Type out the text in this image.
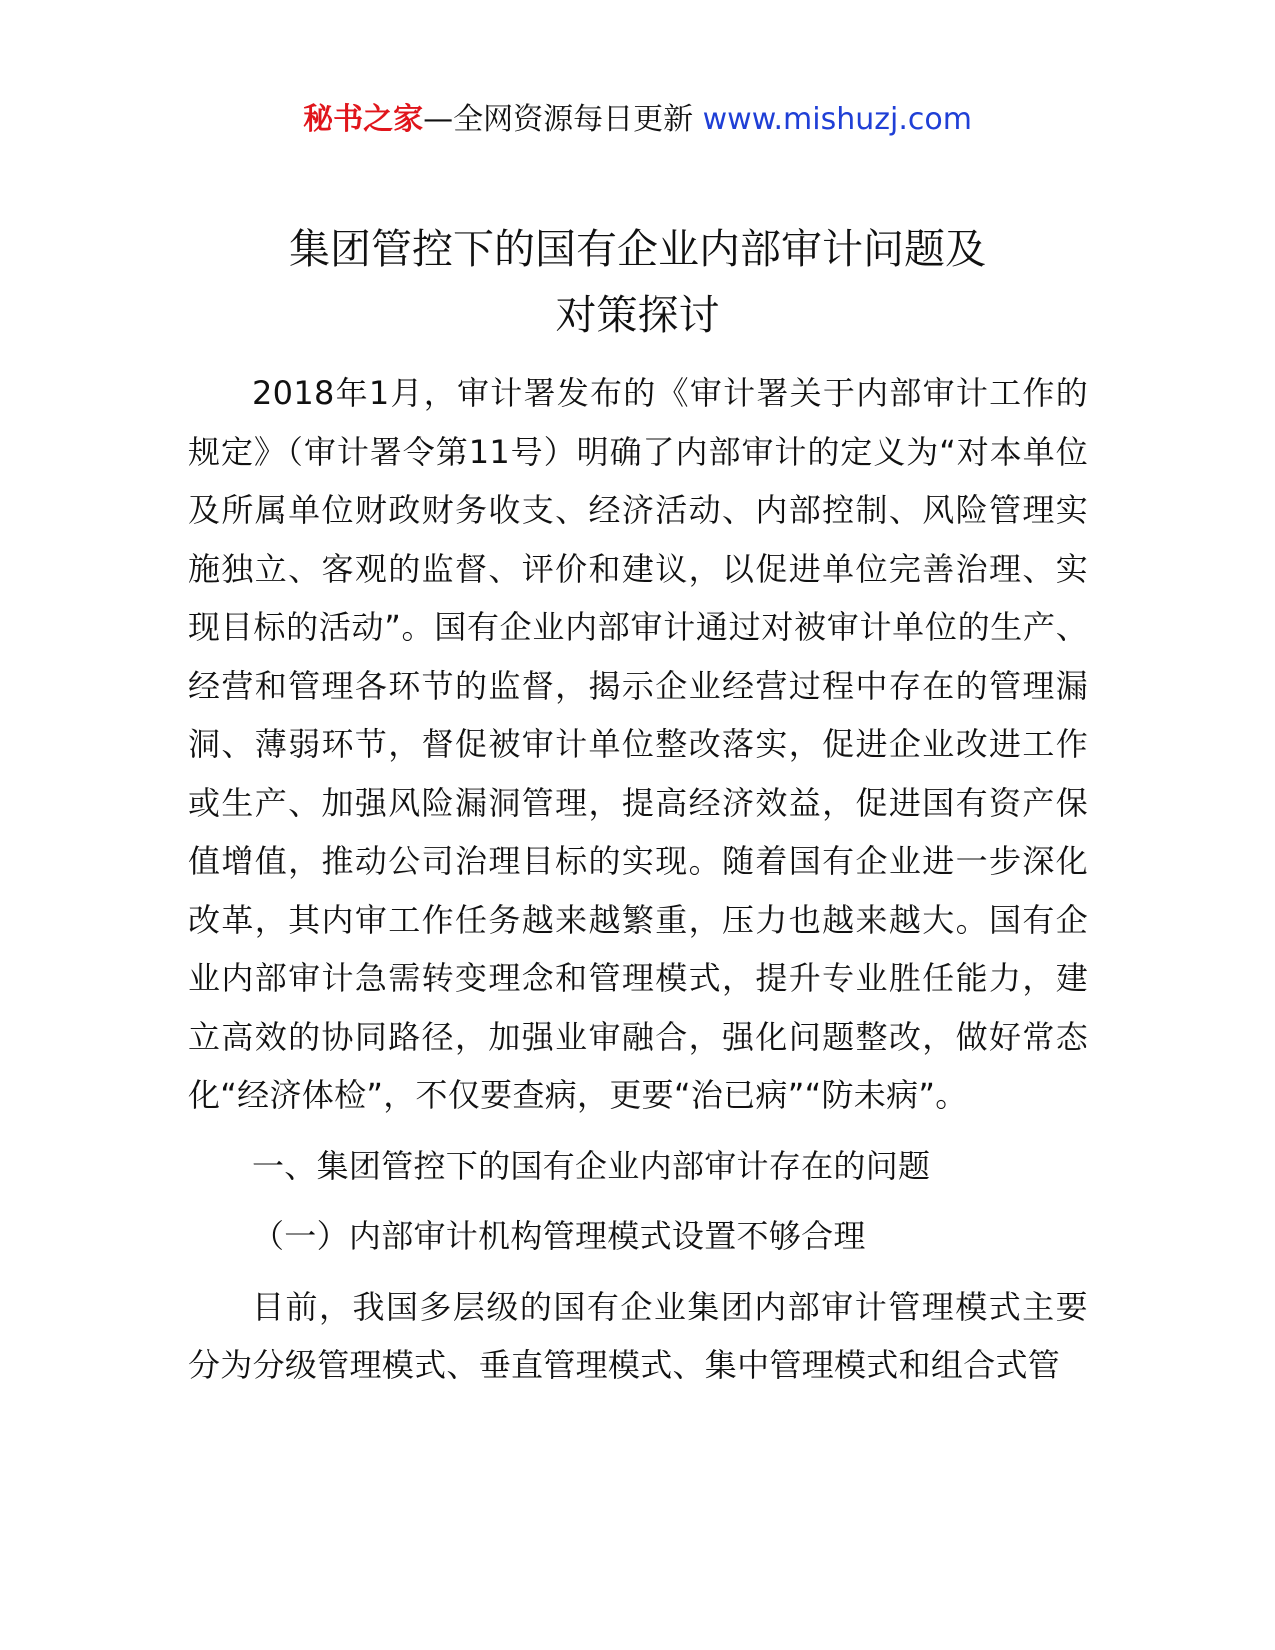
秘书之家—全网资源每日更新 www.mishuzj.com
集团管控下的国有企业内部审计问题及
对策探讨

2018年1月，审计署发布的《审计署关于内部审计工作的规定》（审计署令第11号）明确了内部审计的定义为“对本单位及所属单位财政财务收支、经济活动、内部控制、风险管理实施独立、客观的监督、评价和建议，以促进单位完善治理、实现目标的活动”。国有企业内部审计通过对被审计单位的生产、经营和管理各环节的监督，揭示企业经营过程中存在的管理漏洞、薄弱环节，督促被审计单位整改落实，促进企业改进工作或生产、加强风险漏洞管理，提高经济效益，促进国有资产保值增值，推动公司治理目标的实现。随着国有企业进一步深化改革，其内审工作任务越来越繁重，压力也越来越大。国有企业内部审计急需转变理念和管理模式，提升专业胜任能力，建立高效的协同路径，加强业审融合，强化问题整改，做好常态化“经济体检”，不仅要查病，更要“治已病”“防未病”。

一、集团管控下的国有企业内部审计存在的问题

（一）内部审计机构管理模式设置不够合理

目前，我国多层级的国有企业集团内部审计管理模式主要分为分级管理模式、垂直管理模式、集中管理模式和组合式管
